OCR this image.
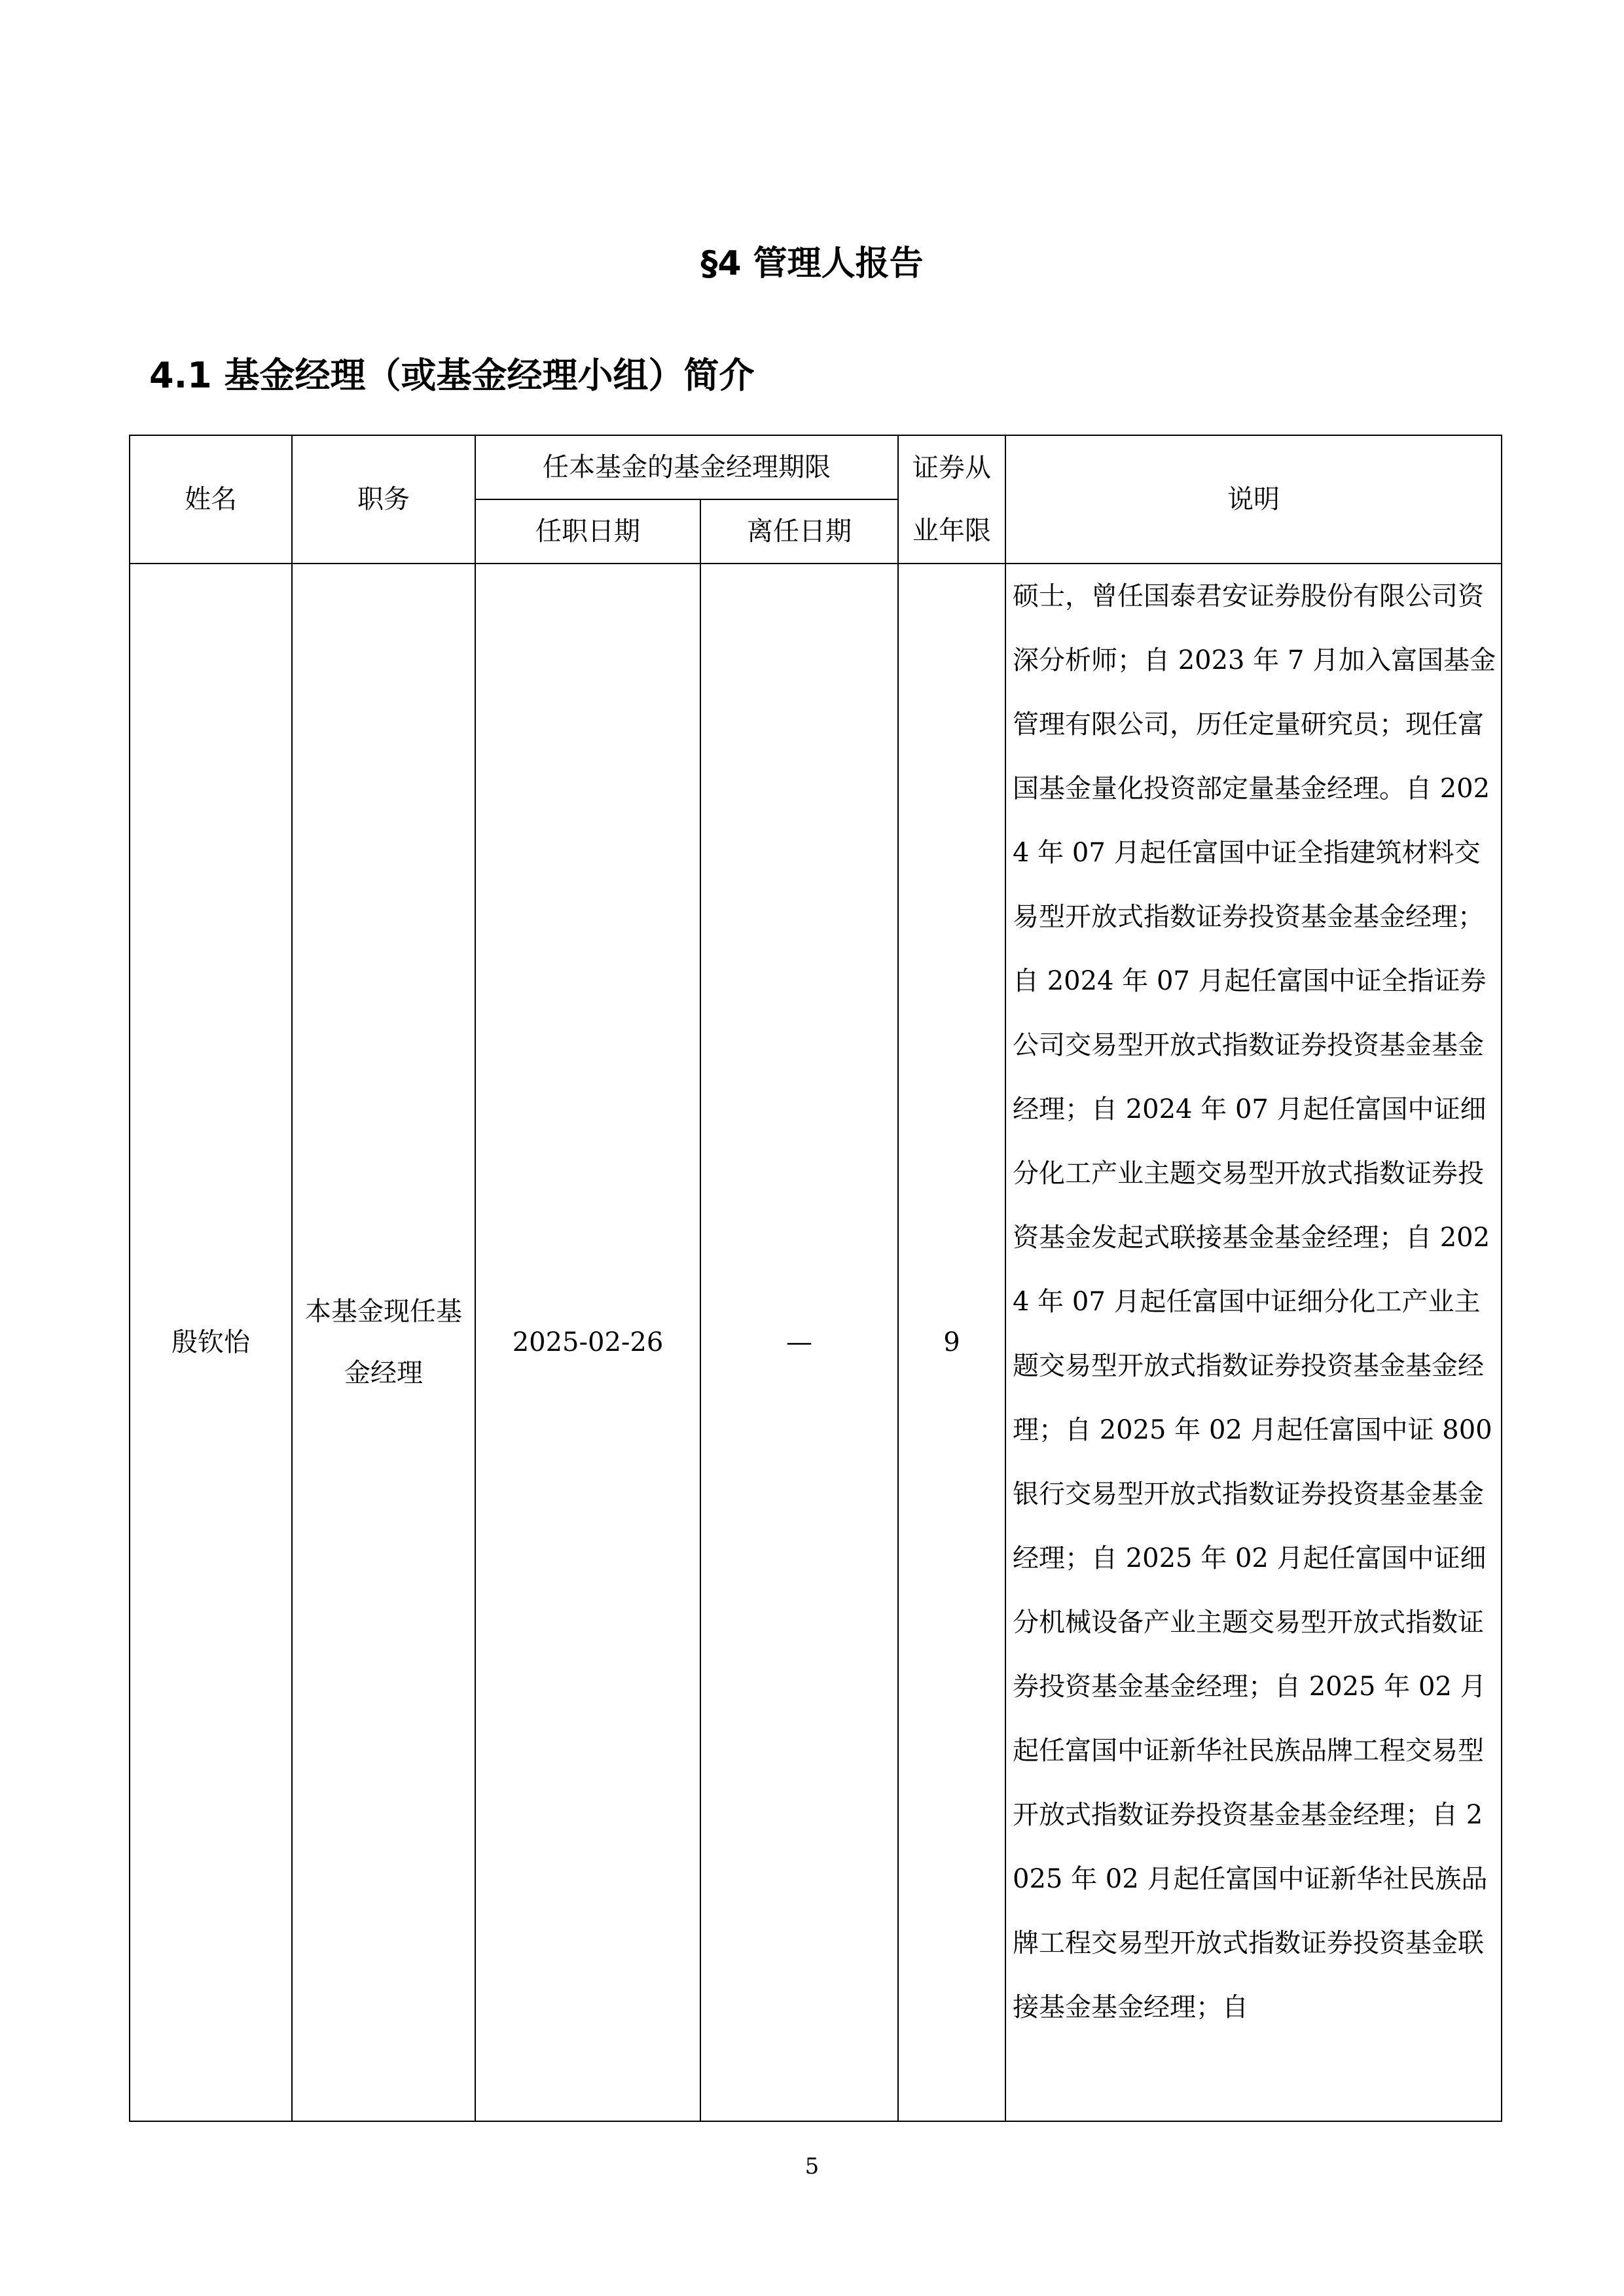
§4 管理人报告
4.1 基金经理（或基金经理小组）简介
姓名	职务	任本基金的基金经理期限		证券从业年限	说明
		任职日期	离任日期		
殷钦怡	本基金现任基金经理	2025-02-26	—	9	硕士，曾任国泰君安证券股份有限公司资深分析师；自 2023 年 7 月加入富国基金管理有限公司，历任定量研究员；现任富国基金量化投资部定量基金经理。自 2024 年 07 月起任富国中证全指建筑材料交易型开放式指数证券投资基金基金经理；自 2024 年 07 月起任富国中证全指证券公司交易型开放式指数证券投资基金基金经理；自 2024 年 07 月起任富国中证细分化工产业主题交易型开放式指数证券投资基金发起式联接基金基金经理；自 2024 年 07 月起任富国中证细分化工产业主题交易型开放式指数证券投资基金基金经理；自 2025 年 02 月起任富国中证 800 银行交易型开放式指数证券投资基金基金经理；自 2025 年 02 月起任富国中证细分机械设备产业主题交易型开放式指数证券投资基金基金经理；自 2025 年 02 月起任富国中证新华社民族品牌工程交易型开放式指数证券投资基金基金经理；自 2025 年 02 月起任富国中证新华社民族品牌工程交易型开放式指数证券投资基金联接基金基金经理；自
5
